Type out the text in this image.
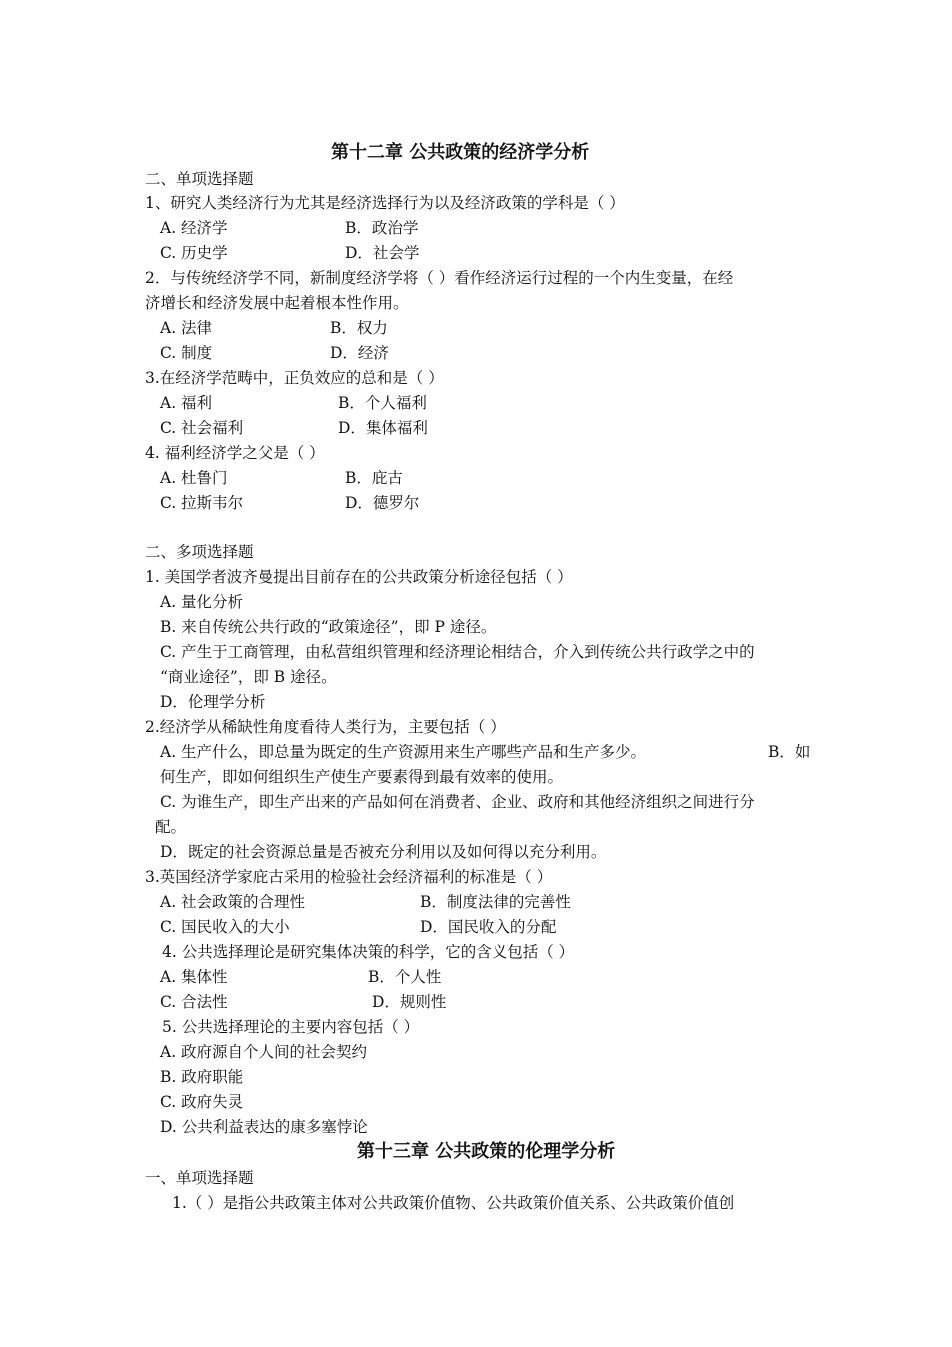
第十二章 公共政策的经济学分析
二、单项选择题
1、研究人类经济行为尤其是经济选择行为以及经济政策的学科是（ ）
A. 经济学	B．政治学
C. 历史学	D．社会学
2．与传统经济学不同，新制度经济学将（ ）看作经济运行过程的一个内生变量，在经
济增长和经济发展中起着根本性作用。
A. 法律	B．权力
C. 制度	D．经济
3.在经济学范畴中，正负效应的总和是（ ）
A. 福利	B．个人福利
C. 社会福利	D．集体福利
4. 福利经济学之父是（ ）
A. 杜鲁门	B．庇古
C. 拉斯韦尔	D．德罗尔
二、多项选择题
1. 美国学者波齐曼提出目前存在的公共政策分析途径包括（ ）
A. 量化分析
B. 来自传统公共行政的“政策途径”，即 P 途径。
C. 产生于工商管理，由私营组织管理和经济理论相结合，介入到传统公共行政学之中的
“商业途径”，即 B 途径。
D．伦理学分析
2.经济学从稀缺性角度看待人类行为，主要包括（ ）
A. 生产什么，即总量为既定的生产资源用来生产哪些产品和生产多少。	B．如
何生产，即如何组织生产使生产要素得到最有效率的使用。
C. 为谁生产，即生产出来的产品如何在消费者、企业、政府和其他经济组织之间进行分
配。
D．既定的社会资源总量是否被充分利用以及如何得以充分利用。
3.英国经济学家庇古采用的检验社会经济福利的标准是（ ）
A. 社会政策的合理性	B．制度法律的完善性
C. 国民收入的大小	D．国民收入的分配
4. 公共选择理论是研究集体决策的科学，它的含义包括（ ）
A. 集体性	B．个人性
C. 合法性	D．规则性
5. 公共选择理论的主要内容包括（ ）
A. 政府源自个人间的社会契约
B. 政府职能
C. 政府失灵
D. 公共利益表达的康多塞悖论
第十三章 公共政策的伦理学分析
一、单项选择题
1.（ ）是指公共政策主体对公共政策价值物、公共政策价值关系、公共政策价值创
